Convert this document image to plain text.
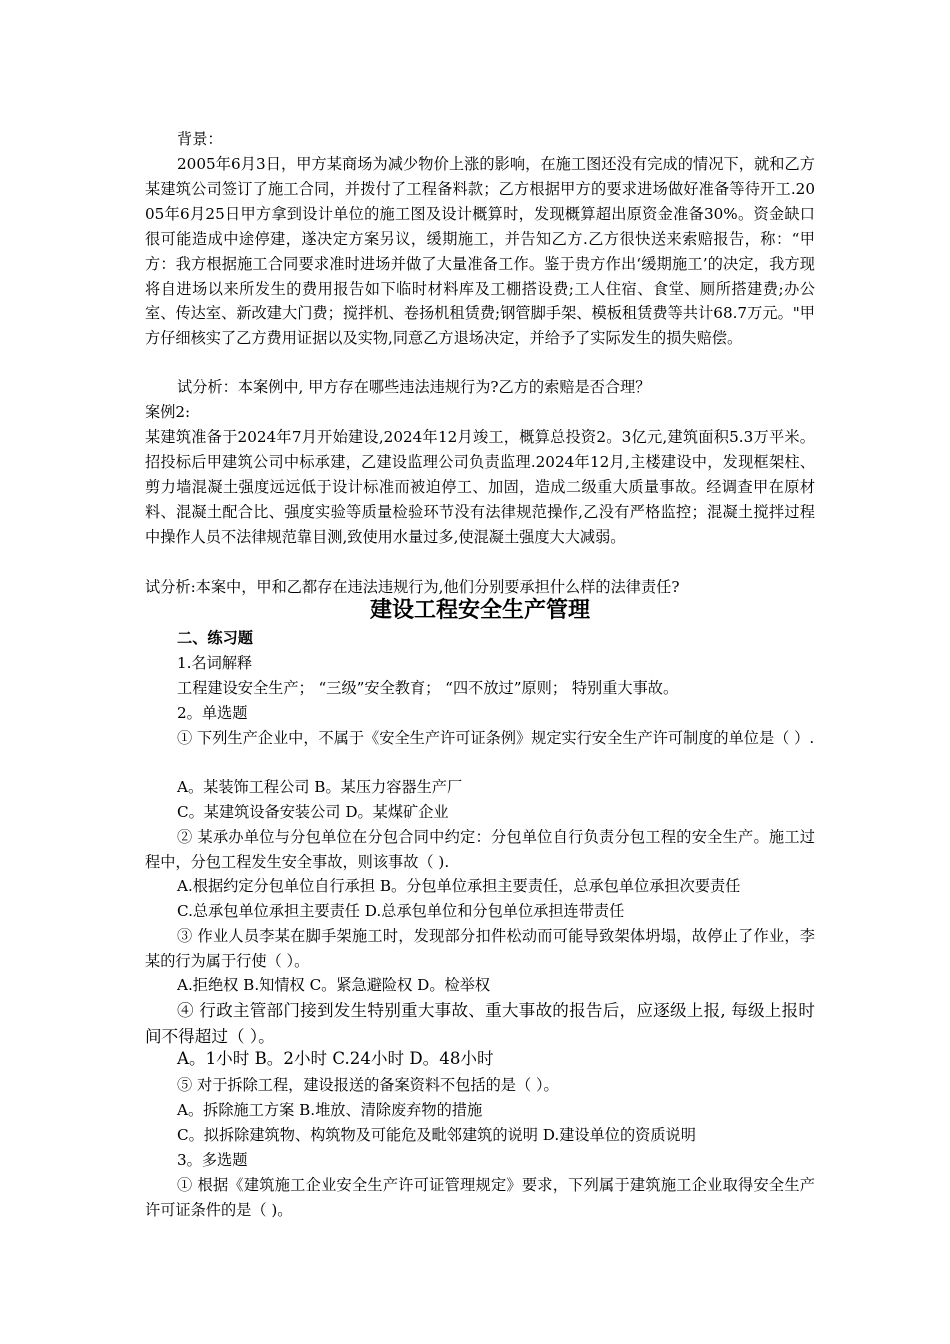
背景：
2005年6月3日，甲方某商场为减少物价上涨的影响，在施工图还没有完成的情况下，就和乙方某建筑公司签订了施工合同，并拨付了工程备料款；乙方根据甲方的要求进场做好准备等待开工.2005年6月25日甲方拿到设计单位的施工图及设计概算时，发现概算超出原资金准备30%。资金缺口很可能造成中途停建，遂决定方案另议，缓期施工，并告知乙方.乙方很快送来索赔报告，称：“甲方：我方根据施工合同要求准时进场并做了大量准备工作。鉴于贵方作出‘缓期施工’的决定，我方现将自进场以来所发生的费用报告如下临时材料库及工棚搭设费;工人住宿、食堂、厕所搭建费;办公室、传达室、新改建大门费；搅拌机、卷扬机租赁费;钢管脚手架、模板租赁费等共计68.7万元。"甲方仔细核实了乙方费用证据以及实物,同意乙方退场决定，并给予了实际发生的损失赔偿。
试分析：本案例中, 甲方存在哪些违法违规行为?乙方的索赔是否合理？
案例2:
某建筑准备于2024年7月开始建设,2024年12月竣工，概算总投资2。3亿元,建筑面积5.3万平米。招投标后甲建筑公司中标承建，乙建设监理公司负责监理.2024年12月,主楼建设中，发现框架柱、剪力墙混凝土强度远远低于设计标准而被迫停工、加固，造成二级重大质量事故。经调查甲在原材料、混凝土配合比、强度实验等质量检验环节没有法律规范操作,乙没有严格监控；混凝土搅拌过程中操作人员不法律规范靠目测,致使用水量过多,使混凝土强度大大减弱。
试分析:本案中，甲和乙都存在违法违规行为,他们分别要承担什么样的法律责任?
建设工程安全生产管理
二、练习题
1.名词解释
工程建设安全生产； “三级”安全教育； “四不放过”原则； 特别重大事故。
2。单选题
① 下列生产企业中，不属于《安全生产许可证条例》规定实行安全生产许可制度的单位是（ ）.
A。某装饰工程公司 B。某压力容器生产厂
C。某建筑设备安装公司 D。某煤矿企业
② 某承办单位与分包单位在分包合同中约定：分包单位自行负责分包工程的安全生产。施工过程中，分包工程发生安全事故，则该事故（ ).
A.根据约定分包单位自行承担 B。分包单位承担主要责任，总承包单位承担次要责任
C.总承包单位承担主要责任 D.总承包单位和分包单位承担连带责任
③ 作业人员李某在脚手架施工时，发现部分扣件松动而可能导致架体坍塌，故停止了作业，李某的行为属于行使（ ）。
A.拒绝权 B.知情权 C。紧急避险权 D。检举权
④ 行政主管部门接到发生特别重大事故、重大事故的报告后，应逐级上报, 每级上报时间不得超过（ ）。
A。1小时 B。2小时 C.24小时 D。48小时
⑤ 对于拆除工程，建设报送的备案资料不包括的是（ ）。
A。拆除施工方案 B.堆放、清除废弃物的措施
C。拟拆除建筑物、构筑物及可能危及毗邻建筑的说明 D.建设单位的资质说明
3。多选题
① 根据《建筑施工企业安全生产许可证管理规定》要求，下列属于建筑施工企业取得安全生产许可证条件的是（ )。
